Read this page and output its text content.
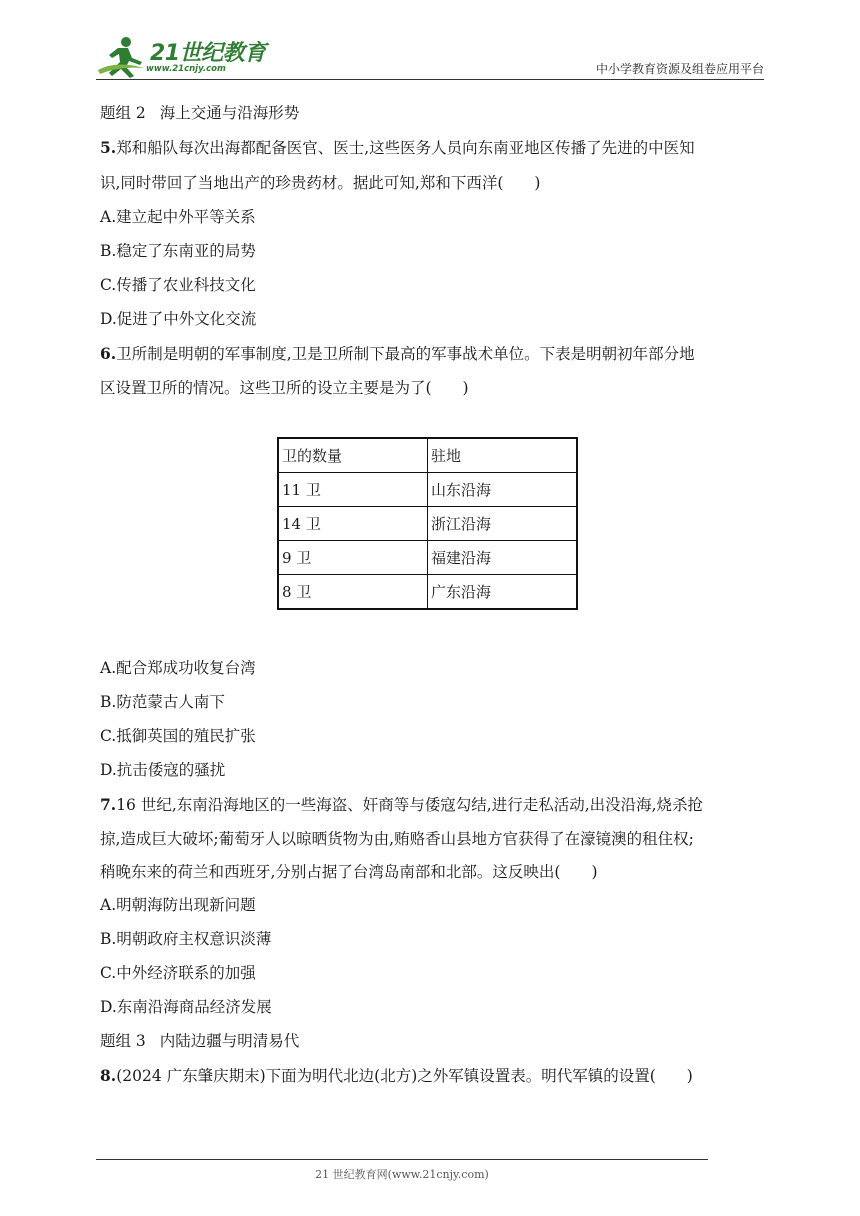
21世纪教育
www.21cnjy.com	中小学教育资源及组卷应用平台
题组 2 海上交通与沿海形势
5.郑和船队每次出海都配备医官、医士,这些医务人员向东南亚地区传播了先进的中医知
识,同时带回了当地出产的珍贵药材。据此可知,郑和下西洋(　　)
A.建立起中外平等关系
B.稳定了东南亚的局势
C.传播了农业科技文化
D.促进了中外文化交流
6.卫所制是明朝的军事制度,卫是卫所制下最高的军事战术单位。下表是明朝初年部分地
区设置卫所的情况。这些卫所的设立主要是为了(　　)
卫的数量	驻地
11 卫	山东沿海
14 卫	浙江沿海
9 卫	福建沿海
8 卫	广东沿海
A.配合郑成功收复台湾
B.防范蒙古人南下
C.抵御英国的殖民扩张
D.抗击倭寇的骚扰
7.16 世纪,东南沿海地区的一些海盗、奸商等与倭寇勾结,进行走私活动,出没沿海,烧杀抢
掠,造成巨大破坏;葡萄牙人以晾晒货物为由,贿赂香山县地方官获得了在濠镜澳的租住权;
稍晚东来的荷兰和西班牙,分别占据了台湾岛南部和北部。这反映出(　　)
A.明朝海防出现新问题
B.明朝政府主权意识淡薄
C.中外经济联系的加强
D.东南沿海商品经济发展
题组 3 内陆边疆与明清易代
8.(2024 广东肇庆期末)下面为明代北边(北方)之外军镇设置表。明代军镇的设置(　　)
21 世纪教育网(www.21cnjy.com)
